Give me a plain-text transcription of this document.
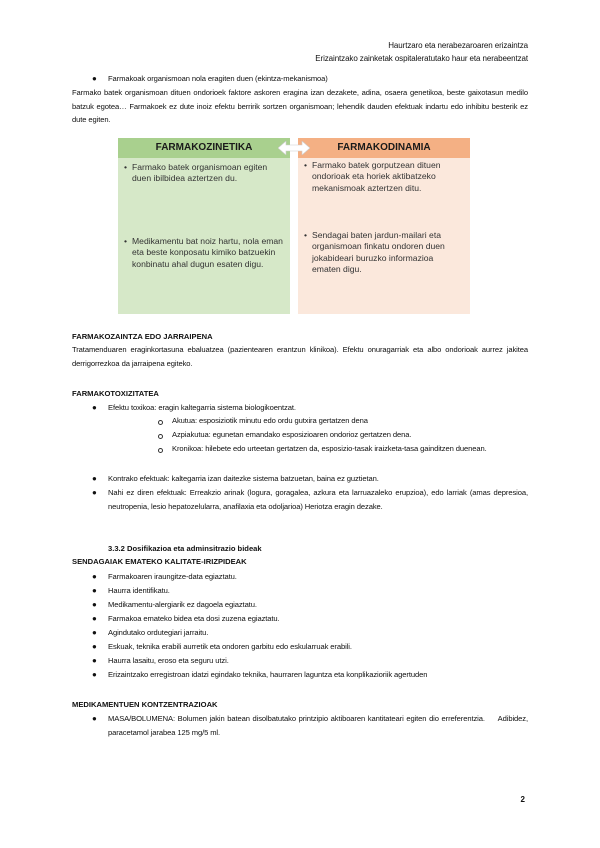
Haurtzaro eta nerabezaroaren erizaintza
Erizaintzako zainketak ospitaleratutako haur eta nerabeentzat
● Farmakoak organismoan nola eragiten duen (ekintza-mekanismoa)
Farmako batek organismoan dituen ondorioek faktore askoren eragina izan dezakete, adina, osaera genetikoa, beste gaixotasun medilo batzuk egotea… Farmakoek ez dute inoiz efektu berririk sortzen organismoan; lehendik dauden efektuak indartu edo inhibitu besterik ez dute egiten.
FARMAKOZINETIKA	FARMAKODINAMIA
• Farmako batek organismoan egiten duen ibilbidea aztertzen du.
• Medikamentu bat noiz hartu, nola eman eta beste konposatu kimiko batzuekin konbinatu ahal dugun esaten digu.
• Farmako batek gorputzean dituen ondorioak eta horiek aktibatzeko mekanismoak aztertzen ditu.
• Sendagai baten jardun-mailari eta organismoan finkatu ondoren duen jokabideari buruzko informazioa ematen digu.
FARMAKOZAINTZA EDO JARRAIPENA
Tratamenduaren eraginkortasuna ebaluatzea (pazientearen erantzun klinikoa). Efektu onuragarriak eta albo ondorioak aurrez jakitea derrigorrezkoa da jarraipena egiteko.
FARMAKOTOXIZITATEA
● Efektu toxikoa: eragin kaltegarria sistema biologikoentzat.
Akutua: esposiziotik minutu edo ordu gutxira gertatzen dena
Azpiakutua: egunetan emandako esposizioaren ondorioz gertatzen dena.
Kronikoa: hilebete edo urteetan gertatzen da, esposizio-tasak iraizketa-tasa gainditzen duenean.
● Kontrako efektuak: kaltegarria izan daitezke sistema batzuetan, baina ez guztietan.
● Nahi ez diren efektuak: Erreakzio arinak (logura, goragalea, azkura eta larruazaleko erupzioa), edo larriak (amas depresioa, neutropenia, lesio hepatozelularra, anafilaxia eta odoljarioa) Heriotza eragin dezake.
3.3.2 Dosifikazioa eta adminsitrazio bideak
SENDAGAIAK EMATEKO KALITATE-IRIZPIDEAK
● Farmakoaren iraungitze-data egiaztatu.
● Haurra identifikatu.
● Medikamentu-alergiarik ez dagoela egiaztatu.
● Farmakoa emateko bidea eta dosi zuzena egiaztatu.
● Agindutako ordutegiari jarraitu.
● Eskuak, teknika erabili aurretik eta ondoren garbitu edo eskularruak erabili.
● Haurra lasaitu, eroso eta seguru utzi.
● Erizaintzako erregistroan idatzi egindako teknika, haurraren laguntza eta konplikazioriik agertuden
MEDIKAMENTUEN KONTZENTRAZIOAK
● MASA/BOLUMENA: Bolumen jakin batean disolbatutako printzipio aktiboaren kantitateari egiten dio erreferentzia.     Adibidez, paracetamol jarabea 125 mg/5 ml.
2
